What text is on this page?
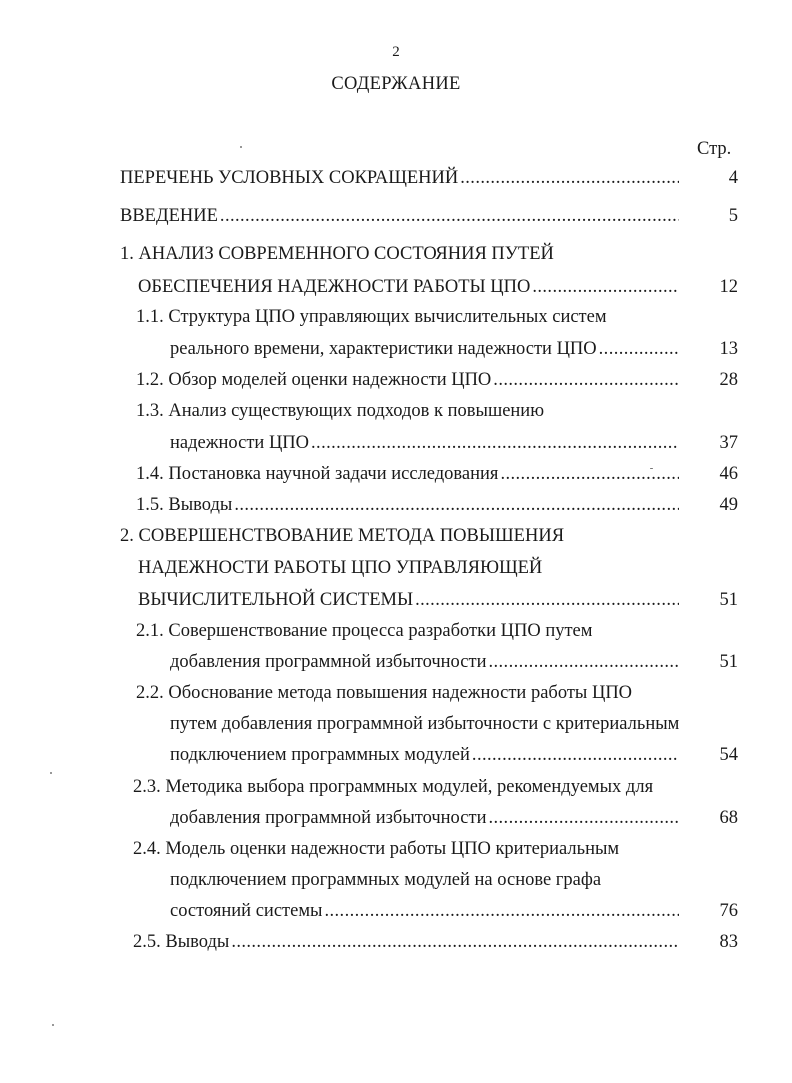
2
СОДЕРЖАНИЕ
Стр.
ПЕРЕЧЕНЬ УСЛОВНЫХ СОКРАЩЕНИЙ .....	4
ВВЕДЕНИЕ .....	5
1. АНАЛИЗ СОВРЕМЕННОГО СОСТОЯНИЯ ПУТЕЙ
ОБЕСПЕЧЕНИЯ НАДЕЖНОСТИ РАБОТЫ ЦПО .....	12
1.1. Структура ЦПО управляющих вычислительных систем
реального времени, характеристики надежности ЦПО .....	13
1.2. Обзор моделей оценки надежности ЦПО .....	28
1.3. Анализ существующих подходов к повышению
надежности ЦПО .....	37
1.4. Постановка научной задачи исследования .....	46
1.5. Выводы .....	49
2. СОВЕРШЕНСТВОВАНИЕ МЕТОДА ПОВЫШЕНИЯ
НАДЕЖНОСТИ РАБОТЫ ЦПО УПРАВЛЯЮЩЕЙ
ВЫЧИСЛИТЕЛЬНОЙ СИСТЕМЫ .....	51
2.1. Совершенствование процесса разработки ЦПО путем
добавления программной избыточности .....	51
2.2. Обоснование метода повышения надежности работы ЦПО
путем добавления программной избыточности с критериальным
подключением программных модулей .....	54
2.3. Методика выбора программных модулей, рекомендуемых для
добавления программной избыточности .....	68
2.4. Модель оценки надежности работы ЦПО критериальным
подключением программных модулей на основе графа
состояний системы .....	76
2.5. Выводы .....	83
